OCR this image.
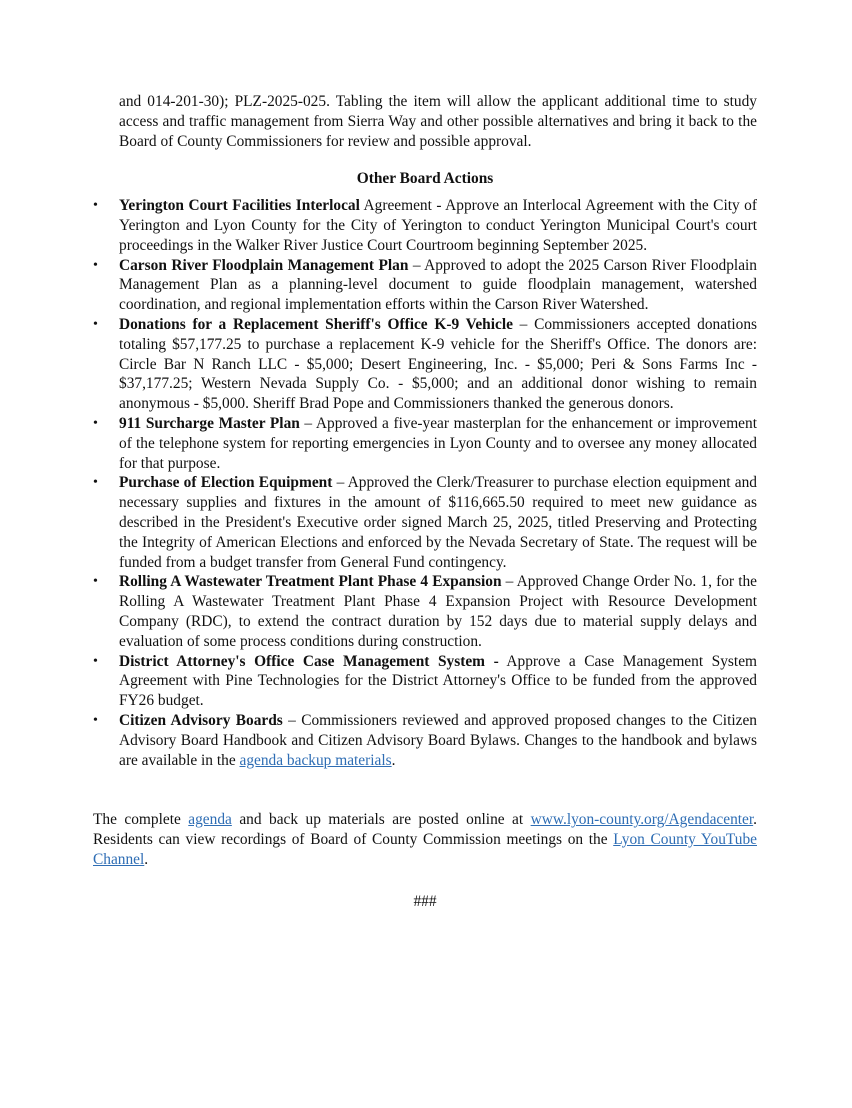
and 014-201-30); PLZ-2025-025. Tabling the item will allow the applicant additional time to study access and traffic management from Sierra Way and other possible alternatives and bring it back to the Board of County Commissioners for review and possible approval.

Other Board Actions
•	Yerington Court Facilities Interlocal Agreement - Approve an Interlocal Agreement with the City of Yerington and Lyon County for the City of Yerington to conduct Yerington Municipal Court's court proceedings in the Walker River Justice Court Courtroom beginning September 2025.
•	Carson River Floodplain Management Plan – Approved to adopt the 2025 Carson River Floodplain Management Plan as a planning-level document to guide floodplain management, watershed coordination, and regional implementation efforts within the Carson River Watershed.
•	Donations for a Replacement Sheriff's Office K-9 Vehicle – Commissioners accepted donations totaling $57,177.25 to purchase a replacement K-9 vehicle for the Sheriff's Office. The donors are: Circle Bar N Ranch LLC - $5,000; Desert Engineering, Inc. - $5,000; Peri & Sons Farms Inc - $37,177.25; Western Nevada Supply Co. - $5,000; and an additional donor wishing to remain anonymous - $5,000. Sheriff Brad Pope and Commissioners thanked the generous donors.
•	911 Surcharge Master Plan – Approved a five-year masterplan for the enhancement or improvement of the telephone system for reporting emergencies in Lyon County and to oversee any money allocated for that purpose.
•	Purchase of Election Equipment – Approved the Clerk/Treasurer to purchase election equipment and necessary supplies and fixtures in the amount of $116,665.50 required to meet new guidance as described in the President's Executive order signed March 25, 2025, titled Preserving and Protecting the Integrity of American Elections and enforced by the Nevada Secretary of State. The request will be funded from a budget transfer from General Fund contingency.
•	Rolling A Wastewater Treatment Plant Phase 4 Expansion – Approved Change Order No. 1, for the Rolling A Wastewater Treatment Plant Phase 4 Expansion Project with Resource Development Company (RDC), to extend the contract duration by 152 days due to material supply delays and evaluation of some process conditions during construction.
•	District Attorney's Office Case Management System - Approve a Case Management System Agreement with Pine Technologies for the District Attorney's Office to be funded from the approved FY26 budget.
•	Citizen Advisory Boards – Commissioners reviewed and approved proposed changes to the Citizen Advisory Board Handbook and Citizen Advisory Board Bylaws. Changes to the handbook and bylaws are available in the agenda backup materials.

The complete agenda and back up materials are posted online at www.lyon-county.org/Agendacenter. Residents can view recordings of Board of County Commission meetings on the Lyon County YouTube Channel.

###
